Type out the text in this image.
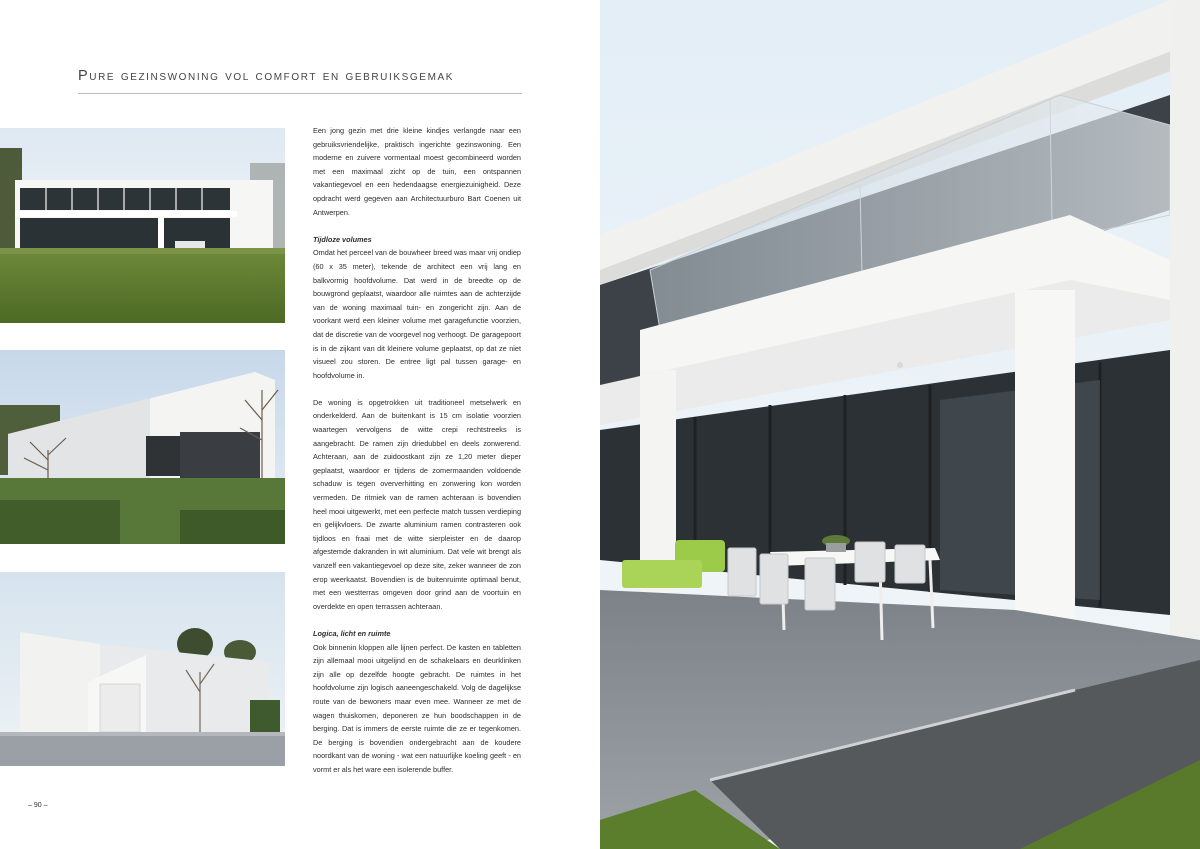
Pure gezinswoning vol comfort en gebruiksgemak

Een jong gezin met drie kleine kindjes verlangde naar een gebruiksvriendelijke, praktisch ingerichte gezinswoning. Een moderne en zuivere vormentaal moest gecombineerd worden met een maximaal zicht op de tuin, een ontspannen vakantiegevoel en een hedendaagse energiezuinigheid. Deze opdracht werd gegeven aan Architectuurburo Bart Coenen uit Antwerpen.

Tijdloze volumes

Omdat het perceel van de bouwheer breed was maar vrij ondiep (60 x 35 meter), tekende de architect een vrij lang en balkvormig hoofdvolume. Dat werd in de breedte op de bouwgrond geplaatst, waardoor alle ruimtes aan de achterzijde van de woning maximaal tuin- en zongericht zijn. Aan de voorkant werd een kleiner volume met garagefunctie voorzien, dat de discretie van de voorgevel nog verhoogt. De garagepoort is in de zijkant van dit kleinere volume geplaatst, op dat ze niet visueel zou storen. De entree ligt pal tussen garage- en hoofdvolume in.

De woning is opgetrokken uit traditioneel metselwerk en onderkelderd. Aan de buitenkant is 15 cm isolatie voorzien waartegen vervolgens de witte crepi rechtstreeks is aangebracht. De ramen zijn driedubbel en deels zonwerend. Achteraan, aan de zuidoostkant zijn ze 1,20 meter dieper geplaatst, waardoor er tijdens de zomermaanden voldoende schaduw is tegen oververhitting en zonwering kon worden vermeden. De ritmiek van de ramen achteraan is bovendien heel mooi uitgewerkt, met een perfecte match tussen verdieping en gelijkvloers. De zwarte aluminium ramen contrasteren ook tijdloos en fraai met de witte sierpleister en de daarop afgestemde dakranden in wit aluminium. Dat vele wit brengt als vanzelf een vakantiegevoel op deze site, zeker wanneer de zon erop weerkaatst. Bovendien is de buitenruimte optimaal benut, met een westterras omgeven door grind aan de voortuin en overdekte en open terrassen achteraan.

Logica, licht en ruimte

Ook binnenin kloppen alle lijnen perfect. De kasten en tabletten zijn allemaal mooi uitgelijnd en de schakelaars en deurklinken zijn alle op dezelfde hoogte gebracht. De ruimtes in het hoofdvolume zijn logisch aaneengeschakeld. Volg de dagelijkse route van de bewoners maar even mee. Wanneer ze met de wagen thuiskomen, deponeren ze hun boodschappen in de berging. Dat is immers de eerste ruimte die ze er tegenkomen. De berging is bovendien ondergebracht aan de koudere noordkant van de woning - wat een natuurlijke koeling geeft - en vormt er als het ware een isolerende buffer.

– 90 –
